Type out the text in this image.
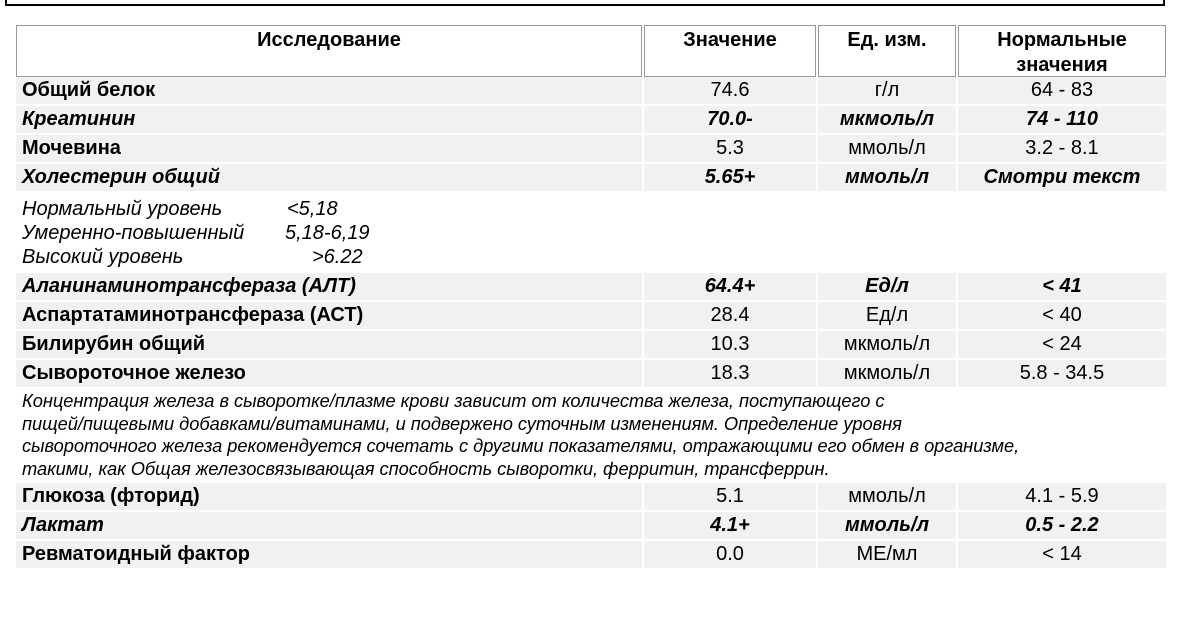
Исследование	Значение	Ед. изм.	Нормальные
значения
Общий белок	74.6	г/л	64 - 83
Креатинин	70.0-	мкмоль/л	74 - 110
Мочевина	5.3	ммоль/л	3.2 - 8.1
Холестерин общий	5.65+	ммоль/л	Смотри текст
Нормальный уровень	<5,18
Умеренно-повышенный	5,18-6,19
Высокий уровень	>6.22
Аланинаминотрансфераза (АЛТ)	64.4+	Ед/л	< 41
Аспартатаминотрансфераза (АСТ)	28.4	Ед/л	< 40
Билирубин общий	10.3	мкмоль/л	< 24
Сывороточное железо	18.3	мкмоль/л	5.8 - 34.5
Концентрация железа в сыворотке/плазме крови зависит от количества железа, поступающего с
пищей/пищевыми добавками/витаминами, и подвержено суточным изменениям. Определение уровня
сывороточного железа рекомендуется сочетать с другими показателями, отражающими его обмен в организме,
такими, как Общая железосвязывающая способность сыворотки, ферритин, трансферрин.
Глюкоза (фторид)	5.1	ммоль/л	4.1 - 5.9
Лактат	4.1+	ммоль/л	0.5 - 2.2
Ревматоидный фактор	0.0	МЕ/мл	< 14
